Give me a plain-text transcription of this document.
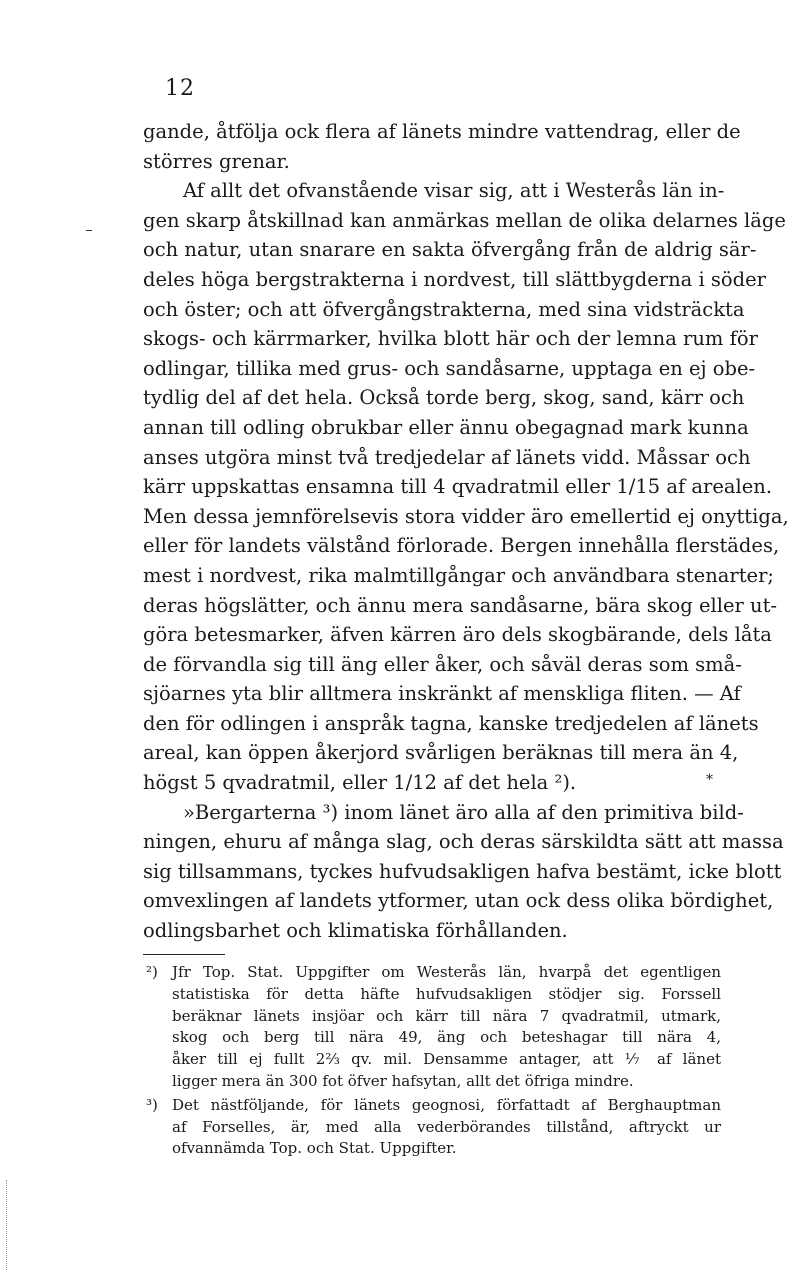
12
*
gande, åtfölja ock flera af länets mindre vattendrag, eller de
störres grenar.
Af allt det ofvanstående visar sig, att i Westerås län in-
gen skarp åtskillnad kan anmärkas mellan de olika delarnes läge
och natur, utan snarare en sakta öfvergång från de aldrig sär-
deles höga bergstrakterna i nordvest, till slättbygderna i söder
och öster; och att öfvergångstrakterna, med sina vidsträckta
skogs- och kärrmarker, hvilka blott här och der lemna rum för
odlingar, tillika med grus- och sandåsarne, upptaga en ej obe-
tydlig del af det hela. Också torde berg, skog, sand, kärr och
annan till odling obrukbar eller ännu obegagnad mark kunna
anses utgöra minst två tredjedelar af länets vidd. Måssar och
kärr uppskattas ensamna till 4 qvadratmil eller 1/15 af arealen.
Men dessa jemnförelsevis stora vidder äro emellertid ej onyttiga,
eller för landets välstånd förlorade. Bergen innehålla flerstädes,
mest i nordvest, rika malmtillgångar och användbara stenarter;
deras högslätter, och ännu mera sandåsarne, bära skog eller ut-
göra betesmarker, äfven kärren äro dels skogbärande, dels låta
de förvandla sig till äng eller åker, och såväl deras som små-
sjöarnes yta blir alltmera inskränkt af menskliga fliten. — Af
den för odlingen i anspråk tagna, kanske tredjedelen af länets
areal, kan öppen åkerjord svårligen beräknas till mera än 4,
högst 5 qvadratmil, eller 1/12 af det hela ²).
»Bergarterna ³) inom länet äro alla af den primitiva bild-
ningen, ehuru af många slag, och deras särskildta sätt att massa
sig tillsammans, tyckes hufvudsakligen hafva bestämt, icke blott
omvexlingen af landets ytformer, utan ock dess olika bördighet,
odlingsbarhet och klimatiska förhållanden.
²) Jfr Top. Stat. Uppgifter om Westerås län, hvarpå det egentligen
statistiska för detta häfte hufvudsakligen stödjer sig. Forssell
beräknar länets insjöar och kärr till nära 7 qvadratmil, utmark,
skog och berg till nära 49, äng och beteshagar till nära 4,
åker till ej fullt 2⅔ qv. mil. Densamme antager, att ⅐ af länet
ligger mera än 300 fot öfver hafsytan, allt det öfriga mindre.
³) Det nästföljande, för länets geognosi, författadt af Berghauptman
af Forselles, är, med alla vederbörandes tillstånd, aftryckt ur
ofvannämda Top. och Stat. Uppgifter.
